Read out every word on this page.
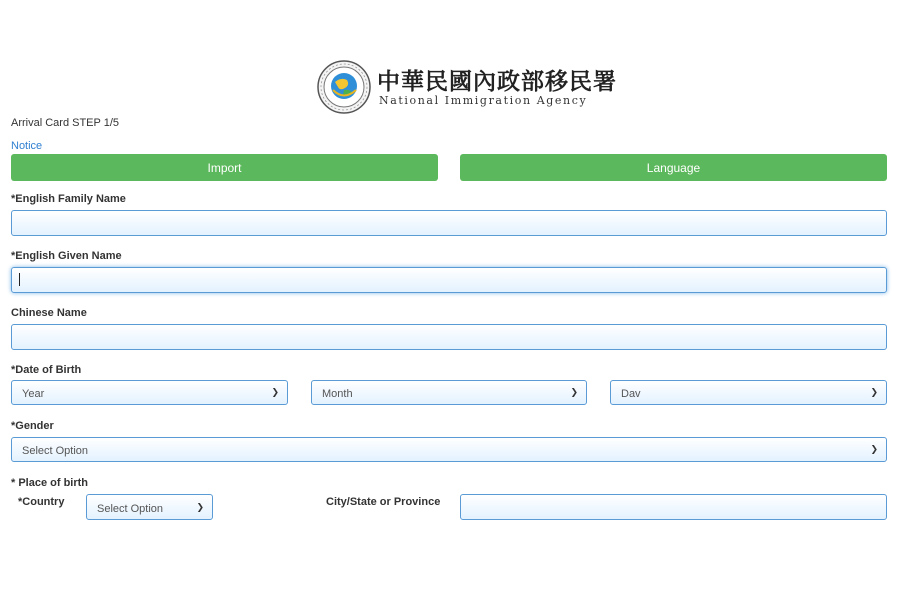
中華民國內政部移民署
National Immigration Agency
Arrival Card STEP 1/5
Notice
Import	Language
*English Family Name
*English Given Name
Chinese Name
*Date of Birth
Year	❯	Month	❯	Dav	❯
*Gender
Select Option	❯
* Place of birth
*Country
Select Option	❯	City/State or Province
